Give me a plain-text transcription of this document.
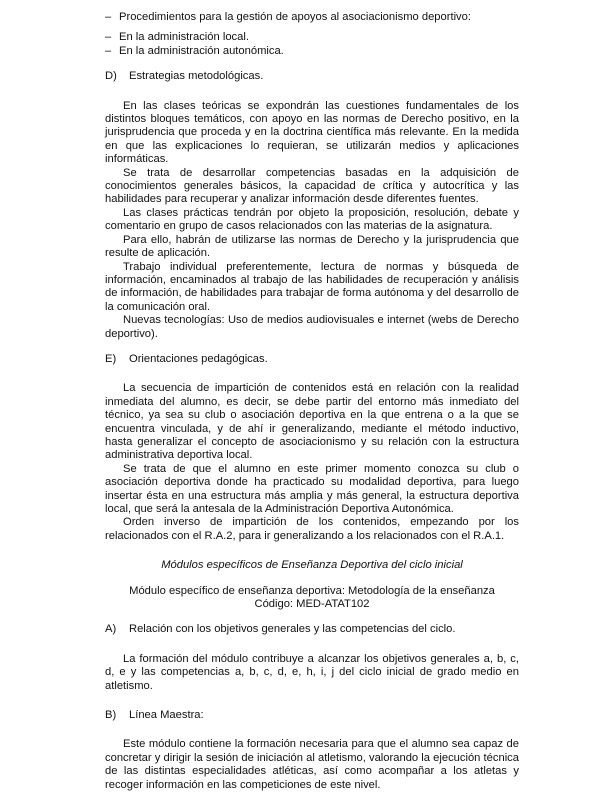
– Procedimientos para la gestión de apoyos al asociacionismo deportivo:
– En la administración local.
– En la administración autonómica.
D)	Estrategias metodológicas.

En las clases teóricas se expondrán las cuestiones fundamentales de los distintos bloques temáticos, con apoyo en las normas de Derecho positivo, en la jurisprudencia que proceda y en la doctrina científica más relevante. En la medida en que las explicaciones lo requieran, se utilizarán medios y aplicaciones informáticas.

Se trata de desarrollar competencias basadas en la adquisición de conocimientos generales básicos, la capacidad de crítica y autocrítica y las habilidades para recuperar y analizar información desde diferentes fuentes.

Las clases prácticas tendrán por objeto la proposición, resolución, debate y comentario en grupo de casos relacionados con las materias de la asignatura.

Para ello, habrán de utilizarse las normas de Derecho y la jurisprudencia que resulte de aplicación.

Trabajo individual preferentemente, lectura de normas y búsqueda de información, encaminados al trabajo de las habilidades de recuperación y análisis de información, de habilidades para trabajar de forma autónoma y del desarrollo de la comunicación oral.

Nuevas tecnologías: Uso de medios audiovisuales e internet (webs de Derecho deportivo).

E)	Orientaciones pedagógicas.

La secuencia de impartición de contenidos está en relación con la realidad inmediata del alumno, es decir, se debe partir del entorno más inmediato del técnico, ya sea su club o asociación deportiva en la que entrena o a la que se encuentra vinculada, y de ahí ir generalizando, mediante el método inductivo, hasta generalizar el concepto de asociacionismo y su relación con la estructura administrativa deportiva local.

Se trata de que el alumno en este primer momento conozca su club o asociación deportiva donde ha practicado su modalidad deportiva, para luego insertar ésta en una estructura más amplia y más general, la estructura deportiva local, que será la antesala de la Administración Deportiva Autonómica.

Orden inverso de impartición de los contenidos, empezando por los relacionados con el R.A.2, para ir generalizando a los relacionados con el R.A.1.

Módulos específicos de Enseñanza Deportiva del ciclo inicial

Módulo específico de enseñanza deportiva: Metodología de la enseñanza

Código: MED-ATAT102

A)	Relación con los objetivos generales y las competencias del ciclo.

La formación del módulo contribuye a alcanzar los objetivos generales a, b, c, d, e y las competencias a, b, c, d, e, h, i, j del ciclo inicial de grado medio en atletismo.

B)	Línea Maestra:

Este módulo contiene la formación necesaria para que el alumno sea capaz de concretar y dirigir la sesión de iniciación al atletismo, valorando la ejecución técnica de las distintas especialidades atléticas, así como acompañar a los atletas y recoger información en las competiciones de este nivel.
